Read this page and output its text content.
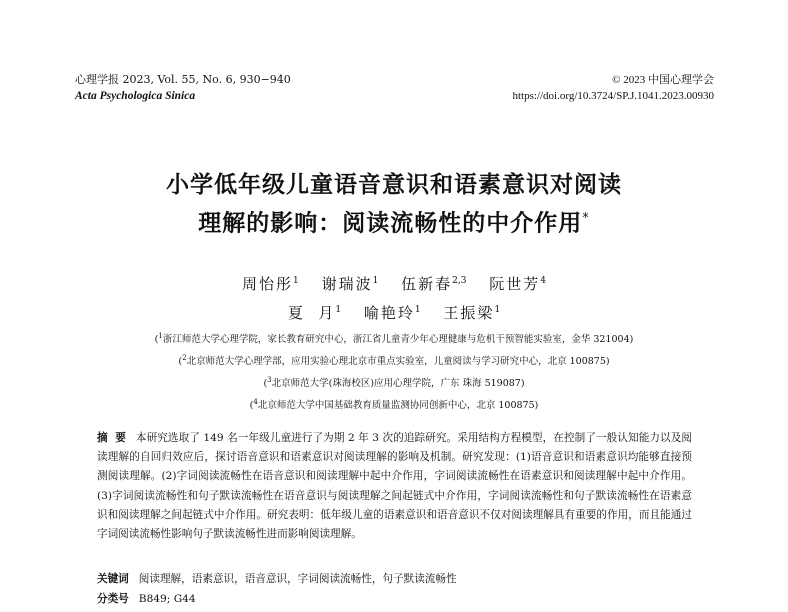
心理学报 2023, Vol. 55, No. 6, 930−940
Acta Psychologica Sinica
© 2023 中国心理学会
https://doi.org/10.3724/SP.J.1041.2023.00930
小学低年级儿童语音意识和语素意识对阅读
理解的影响：阅读流畅性的中介作用*
周怡彤$^1$ 谢瑞波$^1$ 伍新春$^{2,3}$ 阮世芳$^4$
夏  月$^1$ 喻艳玲$^1$ 王振梁$^1$
($^1$浙江师范大学心理学院，家长教育研究中心，浙江省儿童青少年心理健康与危机干预智能实验室，金华 321004)
($^2$北京师范大学心理学部，应用实验心理北京市重点实验室，儿童阅读与学习研究中心，北京 100875)
($^3$北京师范大学(珠海校区)应用心理学院，广东 珠海 519087)
($^4$北京师范大学中国基础教育质量监测协同创新中心，北京 100875)
摘  要 本研究选取了 149 名一年级儿童进行了为期 2 年 3 次的追踪研究。采用结构方程模型，在控制了一般认知能力以及阅读理解的自回归效应后，探讨语音意识和语素意识对阅读理解的影响及机制。研究发现：(1)语音意识和语素意识均能够直接预测阅读理解。(2)字词阅读流畅性在语音意识和阅读理解中起中介作用，字词阅读流畅性在语素意识和阅读理解中起中介作用。(3)字词阅读流畅性和句子默读流畅性在语音意识与阅读理解之间起链式中介作用，字词阅读流畅性和句子默读流畅性在语素意识和阅读理解之间起链式中介作用。研究表明：低年级儿童的语素意识和语音意识不仅对阅读理解具有重要的作用，而且能通过字词阅读流畅性影响句子默读流畅性进而影响阅读理解。
关键词 阅读理解，语素意识，语音意识，字词阅读流畅性，句子默读流畅性
分类号 B849; G44
